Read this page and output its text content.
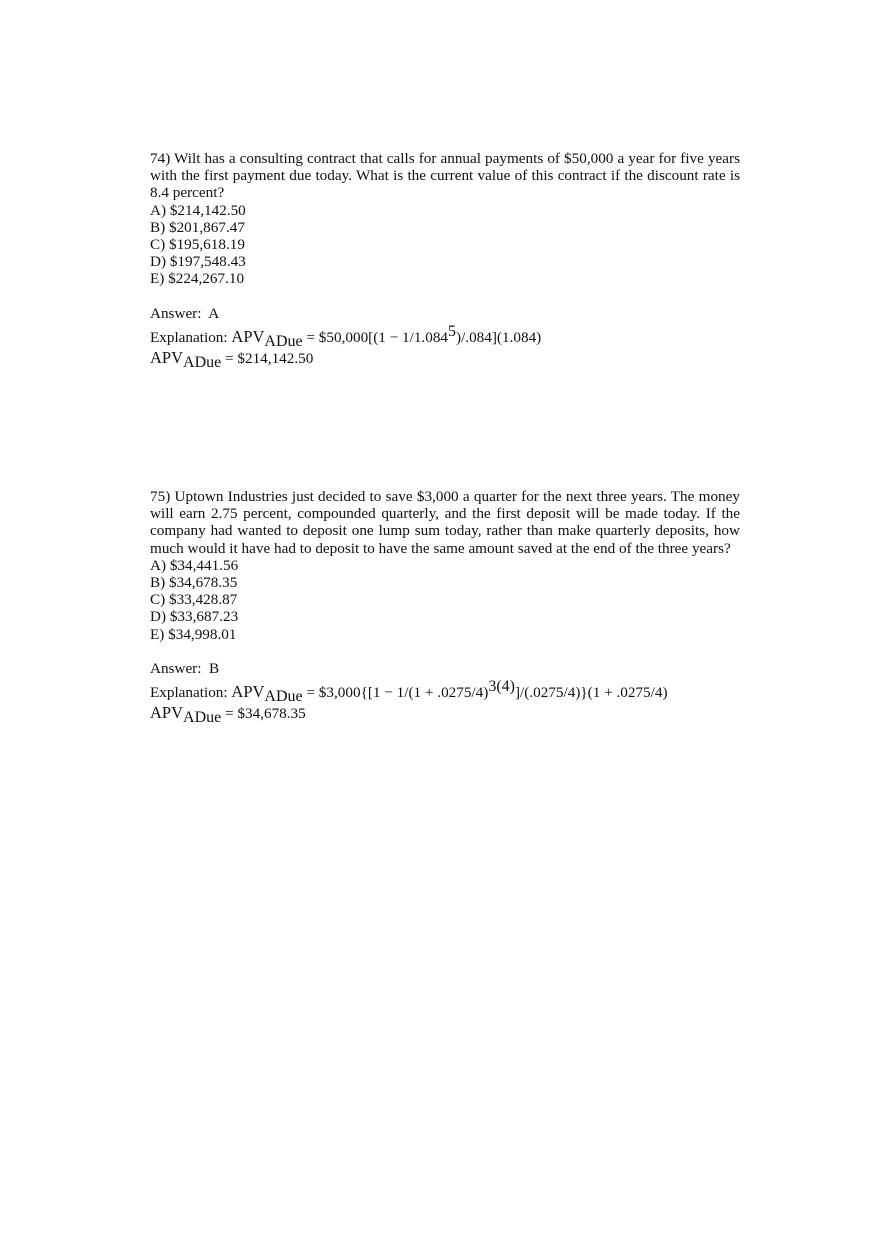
74) Wilt has a consulting contract that calls for annual payments of $50,000 a year for five years with the first payment due today. What is the current value of this contract if the discount rate is 8.4 percent?

A) $214,142.50
B) $201,867.47
C) $195,618.19
D) $197,548.43
E) $224,267.10
Answer:  A
Explanation: APVADue = $50,000[(1 − 1/1.0845)/.084](1.084)
APVADue = $214,142.50

75) Uptown Industries just decided to save $3,000 a quarter for the next three years. The money will earn 2.75 percent, compounded quarterly, and the first deposit will be made today. If the company had wanted to deposit one lump sum today, rather than make quarterly deposits, how much would it have had to deposit to have the same amount saved at the end of the three years?

A) $34,441.56
B) $34,678.35
C) $33,428.87
D) $33,687.23
E) $34,998.01
Answer:  B
Explanation: APVADue = $3,000{[1 − 1/(1 + .0275/4)3(4)]/(.0275/4)}(1 + .0275/4)
APVADue = $34,678.35
